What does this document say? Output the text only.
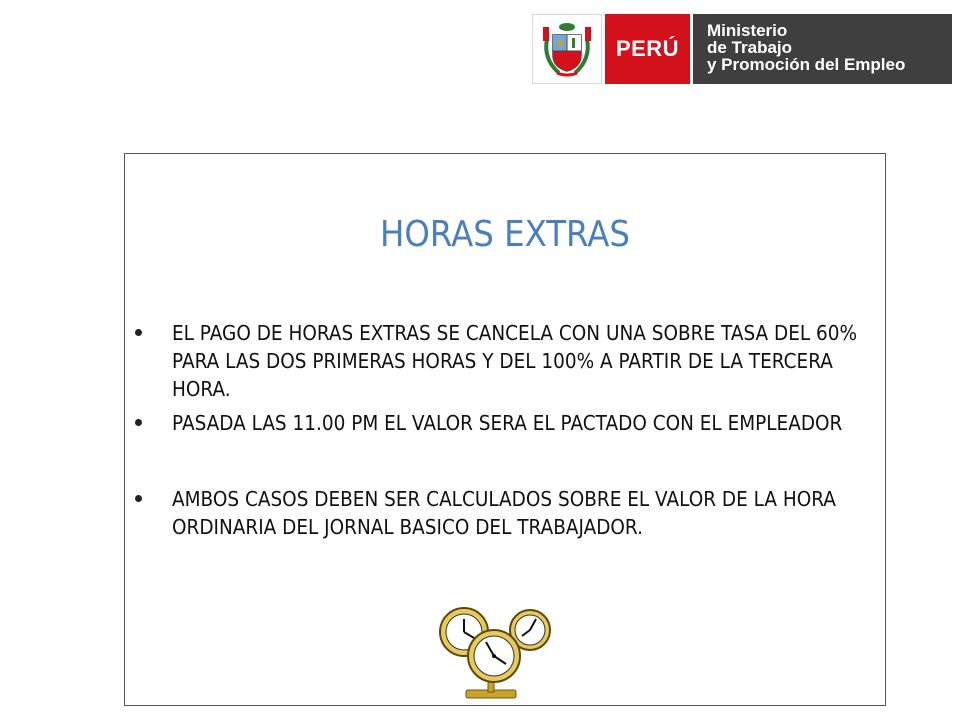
PERÚ
Ministerio
de Trabajo
y Promoción del Empleo
HORAS EXTRAS
EL PAGO DE HORAS EXTRAS SE CANCELA CON UNA SOBRE TASA DEL 60% PARA LAS DOS PRIMERAS HORAS Y DEL 100% A PARTIR DE LA TERCERA HORA.
PASADA LAS 11.00 PM EL VALOR SERA EL PACTADO CON EL EMPLEADOR
AMBOS CASOS DEBEN SER CALCULADOS SOBRE EL VALOR DE LA HORA ORDINARIA DEL JORNAL BASICO DEL TRABAJADOR.
